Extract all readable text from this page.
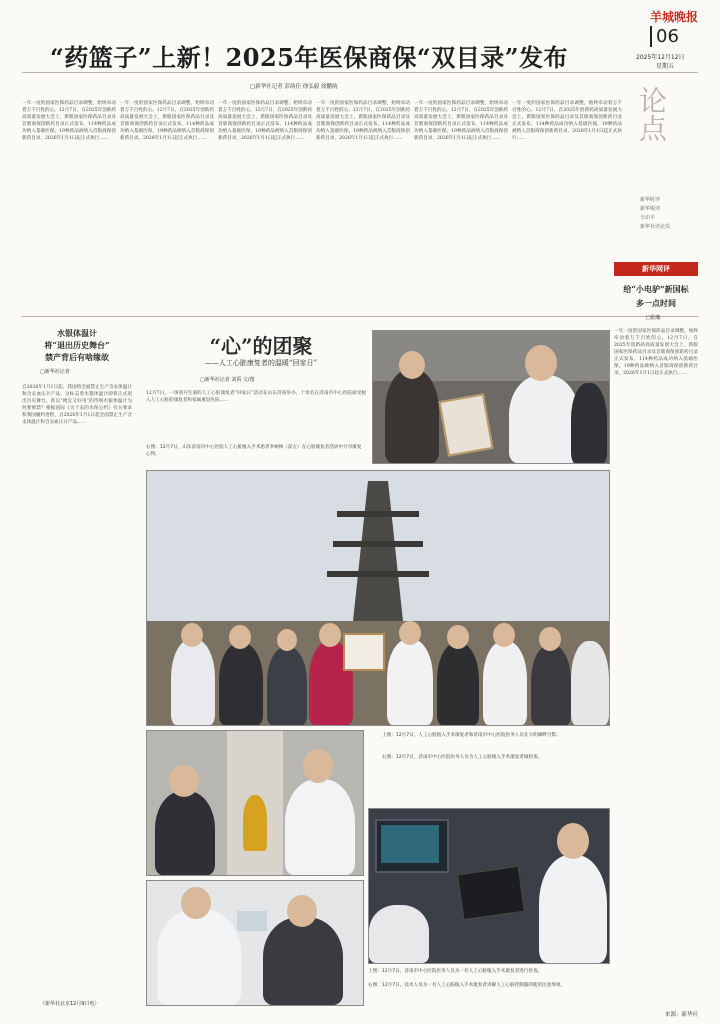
羊城晚报
06
2025年12月12日
星期五
“药篮子”上新！2025年医保商保“双目录”发布
□新华社记者 彭韵佳 徐弘毅 徐鹏航	论点
新华时评
新华锐评
辛识平
新华社评论员
一年一度的国家医保药品目录调整，始终牵动着万千百姓的心。12月7日，在2025年创新药高质量发展大会上，新版国家医保药品目录及首版商保创新药目录正式发布，114种药品成功纳入基础医保，19种药品被纳入首版商保创新药目录，2026年1月1日起正式执行……
一年一度的国家医保药品目录调整，始终牵动着万千百姓的心。12月7日，在2025年创新药高质量发展大会上，新版国家医保药品目录及首版商保创新药目录正式发布，114种药品成功纳入基础医保，19种药品被纳入首版商保创新药目录，2026年1月1日起正式执行……
一年一度的国家医保药品目录调整，始终牵动着万千百姓的心。12月7日，在2025年创新药高质量发展大会上，新版国家医保药品目录及首版商保创新药目录正式发布，114种药品成功纳入基础医保，19种药品被纳入首版商保创新药目录，2026年1月1日起正式执行……
一年一度的国家医保药品目录调整，始终牵动着万千百姓的心。12月7日，在2025年创新药高质量发展大会上，新版国家医保药品目录及首版商保创新药目录正式发布，114种药品成功纳入基础医保，19种药品被纳入首版商保创新药目录，2026年1月1日起正式执行……
一年一度的国家医保药品目录调整，始终牵动着万千百姓的心。12月7日，在2025年创新药高质量发展大会上，新版国家医保药品目录及首版商保创新药目录正式发布，114种药品成功纳入基础医保，19种药品被纳入首版商保创新药目录，2026年1月1日起正式执行……
一年一度的国家医保药品目录调整，始终牵动着万千百姓的心。12月7日，在2025年创新药高质量发展大会上，新版国家医保药品目录及首版商保创新药目录正式发布，114种药品成功纳入基础医保，19种药品被纳入首版商保创新药目录，2026年1月1日起正式执行……
水银体温计
将“退出历史舞台”
禁产背后有啥缘故
□新华社记者
自2026年1月1日起，我国将全面禁止生产含汞体温计和含汞血压计产品，这标志着水银体温计即将正式退出历史舞台。曾以“便宜又好用”的传统水银体温计为何要被禁？根据国际《关于汞的水俣公约》有关要求和我国履约进程，自2026年1月1日起全面禁止生产含汞体温计和含汞血压计产品……
（新华社北京12月9日电）
“心”的团聚
——人工心脏康复者的温暖“回家日”
□新华社记者 刘禹 文/图
12月7日，一场别开生面的人工心脏康复者“回家日”活动在山东济南举办，十余名在济南市中心医院接受植入人工心脏的康复者和家属重返医院……
右图：12月7日，山东济南市中心医院人工心脏植入手术患者李树林（前左）在心脏康复者活动中分享康复心得。
上图：12月7日，人工心脏植入手术康复者和济南市中心医院医务人员在大明湖畔合影。
右图：12月7日，济南市中心医院医务人员为人工心脏植入手术康复者做检查。
上图：12月7日，济南市中心医院医务人员为一名人工心脏植入手术康复者进行检查。
右图：12月7日，技术人员为一名人工心脏植入手术康复者讲解人工心脏控制器的使用注意事项。
新华网评
给“小电驴”新国标
多一点时间
□陆胤
一年一度的国家医保药品目录调整，始终牵动着万千百姓的心。12月7日，在2025年创新药高质量发展大会上，新版国家医保药品目录及首版商保创新药目录正式发布，114种药品成功纳入基础医保，19种药品被纳入首版商保创新药目录，2026年1月1日起正式执行……
来源：新华社
